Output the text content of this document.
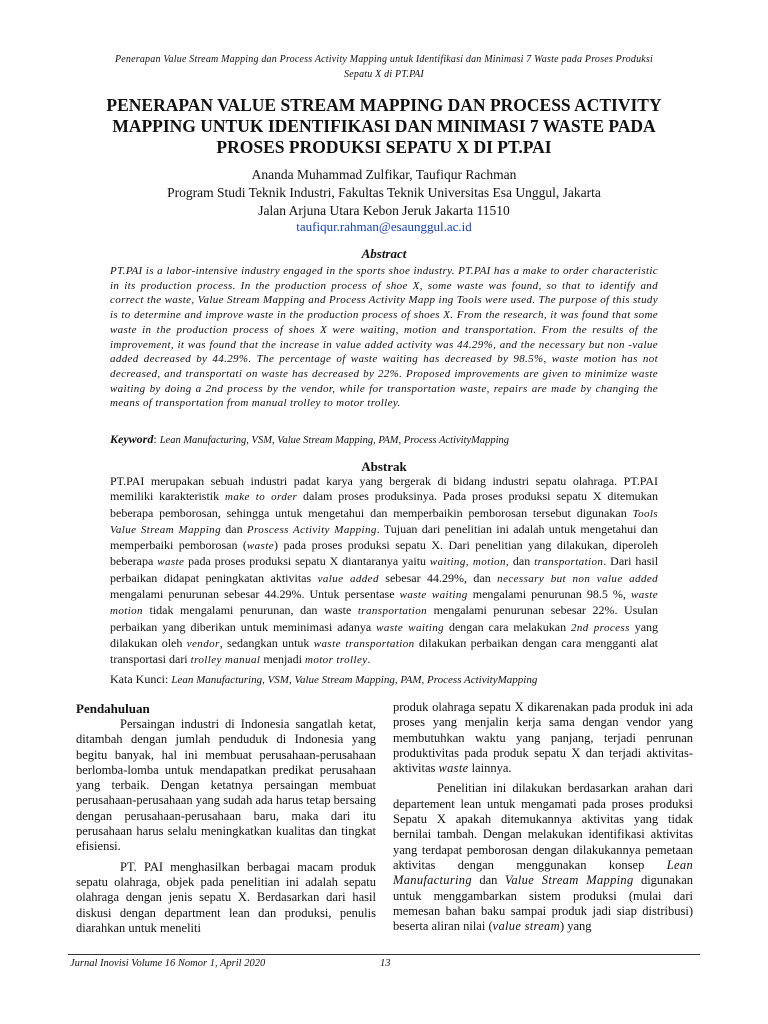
Penerapan Value Stream Mapping dan Process Activity Mapping untuk Identifikasi dan Minimasi 7 Waste pada Proses Produksi
Sepatu X di PT.PAI
PENERAPAN VALUE STREAM MAPPING DAN PROCESS ACTIVITY
MAPPING UNTUK IDENTIFIKASI DAN MINIMASI 7 WASTE PADA
PROSES PRODUKSI SEPATU X DI PT.PAI
Ananda Muhammad Zulfikar, Taufiqur Rachman
Program Studi Teknik Industri, Fakultas Teknik Universitas Esa Unggul, Jakarta
Jalan Arjuna Utara Kebon Jeruk Jakarta 11510
taufiqur.rahman@esaunggul.ac.id
Abstract
PT.PAI is a labor-intensive industry engaged in the sports shoe industry. PT.PAI has a make to order characteristic in its production process. In the production process of shoe X, some waste was found, so that to identify and correct the waste, Value Stream Mapping and Process Activity Mapp ing Tools were used. The purpose of this study is to determine and improve waste in the production process of shoes X. From the research, it was found that some waste in the production process of shoes X were waiting, motion and transportation. From the results of the improvement, it was found that the increase in value added activity was 44.29%, and the necessary but non -value added decreased by 44.29%. The percentage of waste waiting has decreased by 98.5%, waste motion has not decreased, and transportati on waste has decreased by 22%. Proposed improvements are given to minimize waste waiting by doing a 2nd process by the vendor, while for transportation waste, repairs are made by changing the means of transportation from manual trolley to motor trolley.
Keyword: Lean Manufacturing, VSM, Value Stream Mapping, PAM, Process ActivityMapping
Abstrak
PT.PAI merupakan sebuah industri padat karya yang bergerak di bidang industri sepatu olahraga. PT.PAI memiliki karakteristik make to order dalam proses produksinya. Pada proses produksi sepatu X ditemukan beberapa pemborosan, sehingga untuk mengetahui dan memperbaikin pemborosan tersebut digunakan Tools Value Stream Mapping dan Proscess Activity Mapping. Tujuan dari penelitian ini adalah untuk mengetahui dan memperbaiki pemborosan (waste) pada proses produksi sepatu X. Dari penelitian yang dilakukan, diperoleh beberapa waste pada proses produksi sepatu X diantaranya yaitu waiting, motion, dan transportation. Dari hasil perbaikan didapat peningkatan aktivitas value added sebesar 44.29%, dan necessary but non value added mengalami penurunan sebesar 44.29%. Untuk persentase waste waiting mengalami penurunan 98.5 %, waste motion tidak mengalami penurunan, dan waste transportation mengalami penurunan sebesar 22%. Usulan perbaikan yang diberikan untuk meminimasi adanya waste waiting dengan cara melakukan 2nd process yang dilakukan oleh vendor, sedangkan untuk waste transportation dilakukan perbaikan dengan cara mengganti alat transportasi dari trolley manual menjadi motor trolley.
Kata Kunci: Lean Manufacturing, VSM, Value Stream Mapping, PAM, Process ActivityMapping
Pendahuluan

Persaingan industri di Indonesia sangatlah ketat, ditambah dengan jumlah penduduk di Indonesia yang begitu banyak, hal ini membuat perusahaan-perusahaan berlomba-lomba untuk mendapatkan predikat perusahaan yang terbaik. Dengan ketatnya persaingan membuat perusahaan-perusahaan yang sudah ada harus tetap bersaing dengan perusahaan-perusahaan baru, maka dari itu perusahaan harus selalu meningkatkan kualitas dan tingkat efisiensi.

PT. PAI menghasilkan berbagai macam produk sepatu olahraga, objek pada penelitian ini adalah sepatu olahraga dengan jenis sepatu X. Berdasarkan dari hasil diskusi dengan department lean dan produksi, penulis diarahkan untuk meneliti

produk olahraga sepatu X dikarenakan pada produk ini ada proses yang menjalin kerja sama dengan vendor yang membutuhkan waktu yang panjang, terjadi penrunan produktivitas pada produk sepatu X dan terjadi aktivitas-aktivitas waste lainnya.

Penelitian ini dilakukan berdasarkan arahan dari departement lean untuk mengamati pada proses produksi Sepatu X apakah ditemukannya aktivitas yang tidak bernilai tambah. Dengan melakukan identifikasi aktivitas yang terdapat pemborosan dengan dilakukannya pemetaan aktivitas dengan menggunakan konsep Lean Manufacturing dan Value Stream Mapping digunakan untuk menggambarkan sistem produksi (mulai dari memesan bahan baku sampai produk jadi siap distribusi) beserta aliran nilai (value stream) yang

Jurnal Inovisi Volume 16 Nomor 1, April 2020	13
